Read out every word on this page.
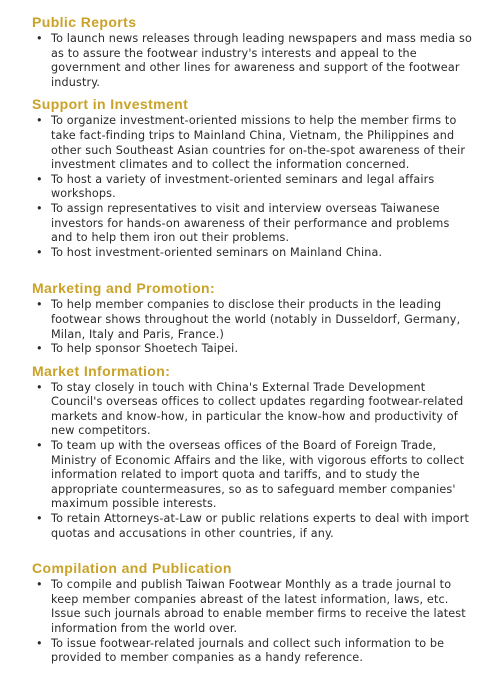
Public Reports
• To launch news releases through leading newspapers and mass media so as to assure the footwear industry's interests and appeal to the government and other lines for awareness and support of the footwear industry.
Support in Investment
• To organize investment-oriented missions to help the member firms to take fact-finding trips to Mainland China, Vietnam, the Philippines and other such Southeast Asian countries for on-the-spot awareness of their investment climates and to collect the information concerned.
• To host a variety of investment-oriented seminars and legal affairs workshops.
• To assign representatives to visit and interview overseas Taiwanese investors for hands-on awareness of their performance and problems and to help them iron out their problems.
• To host investment-oriented seminars on Mainland China.
Marketing and Promotion:
• To help member companies to disclose their products in the leading footwear shows throughout the world (notably in Dusseldorf, Germany, Milan, Italy and Paris, France.)
• To help sponsor Shoetech Taipei.
Market Information:
• To stay closely in touch with China's External Trade Development Council's overseas offices to collect updates regarding footwear-related markets and know-how, in particular the know-how and productivity of new competitors.
• To team up with the overseas offices of the Board of Foreign Trade, Ministry of Economic Affairs and the like, with vigorous efforts to collect information related to import quota and tariffs, and to study the appropriate countermeasures, so as to safeguard member companies' maximum possible interests.
• To retain Attorneys-at-Law or public relations experts to deal with import quotas and accusations in other countries, if any.
Compilation and Publication
• To compile and publish Taiwan Footwear Monthly as a trade journal to keep member companies abreast of the latest information, laws, etc. Issue such journals abroad to enable member firms to receive the latest information from the world over.
• To issue footwear-related journals and collect such information to be provided to member companies as a handy reference.
